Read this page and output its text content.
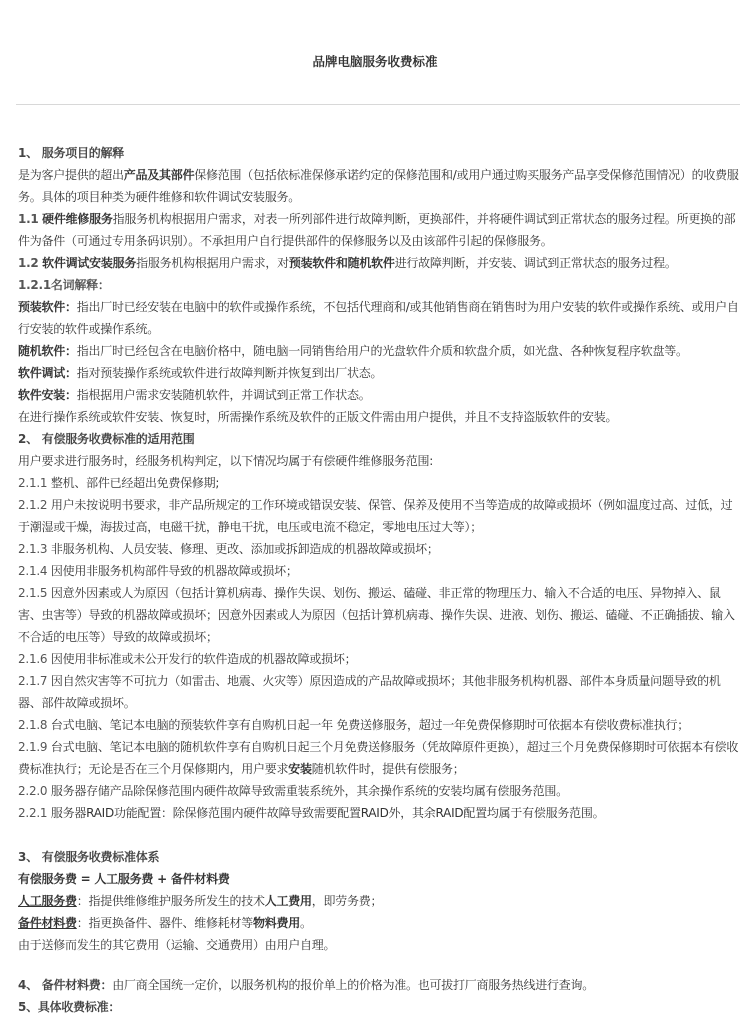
品牌电脑服务收费标准

1、 服务项目的解释

是为客户提供的超出产品及其部件保修范围（包括依标准保修承诺约定的保修范围和/或用户通过购买服务产品享受保修范围情况）的收费服务。具体的项目种类为硬件维修和软件调试安装服务。

1.1 硬件维修服务指服务机构根据用户需求，对表一所列部件进行故障判断，更换部件，并将硬件调试到正常状态的服务过程。所更换的部件为备件（可通过专用条码识别）。不承担用户自行提供部件的保修服务以及由该部件引起的保修服务。

1.2 软件调试安装服务指服务机构根据用户需求，对预装软件和随机软件进行故障判断，并安装、调试到正常状态的服务过程。

1.2.1名词解释：

预装软件：指出厂时已经安装在电脑中的软件或操作系统，不包括代理商和/或其他销售商在销售时为用户安装的软件或操作系统、或用户自行安装的软件或操作系统。

随机软件：指出厂时已经包含在电脑价格中，随电脑一同销售给用户的光盘软件介质和软盘介质，如光盘、各种恢复程序软盘等。

软件调试：指对预装操作系统或软件进行故障判断并恢复到出厂状态。

软件安装：指根据用户需求安装随机软件，并调试到正常工作状态。

在进行操作系统或软件安装、恢复时，所需操作系统及软件的正版文件需由用户提供，并且不支持盗版软件的安装。

2、 有偿服务收费标准的适用范围

用户要求进行服务时，经服务机构判定，以下情况均属于有偿硬件维修服务范围:

2.1.1 整机、部件已经超出免费保修期;

2.1.2 用户未按说明书要求，非产品所规定的工作环境或错误安装、保管、保养及使用不当等造成的故障或损坏（例如温度过高、过低，过于潮湿或干燥，海拔过高，电磁干扰，静电干扰，电压或电流不稳定，零地电压过大等）；

2.1.3 非服务机构、人员安装、修理、更改、添加或拆卸造成的机器故障或损坏；

2.1.4 因使用非服务机构部件导致的机器故障或损坏；

2.1.5 因意外因素或人为原因（包括计算机病毒、操作失误、划伤、搬运、磕碰、非正常的物理压力、输入不合适的电压、异物掉入、鼠害、虫害等）导致的机器故障或损坏；因意外因素或人为原因（包括计算机病毒、操作失误、进液、划伤、搬运、磕碰、不正确插拔、输入不合适的电压等）导致的故障或损坏；

2.1.6 因使用非标准或未公开发行的软件造成的机器故障或损坏；

2.1.7 因自然灾害等不可抗力（如雷击、地震、火灾等）原因造成的产品故障或损坏；其他非服务机构机器、部件本身质量问题导致的机器、部件故障或损坏。

2.1.8 台式电脑、笔记本电脑的预装软件享有自购机日起一年 免费送修服务，超过一年免费保修期时可依据本有偿收费标准执行；

2.1.9 台式电脑、笔记本电脑的随机软件享有自购机日起三个月免费送修服务（凭故障原件更换），超过三个月免费保修期时可依据本有偿收费标准执行；无论是否在三个月保修期内，用户要求安装随机软件时，提供有偿服务；

2.2.0 服务器存储产品除保修范围内硬件故障导致需重装系统外，其余操作系统的安装均属有偿服务范围。

2.2.1 服务器RAID功能配置：除保修范围内硬件故障导致需要配置RAID外，其余RAID配置均属于有偿服务范围。

3、 有偿服务收费标准体系

有偿服务费 = 人工服务费 + 备件材料费

人工服务费：指提供维修维护服务所发生的技术人工费用，即劳务费；

备件材料费：指更换备件、器件、维修耗材等物料费用。

由于送修而发生的其它费用（运输、交通费用）由用户自理。

4、 备件材料费：由厂商全国统一定价，以服务机构的报价单上的价格为准。也可拔打厂商服务热线进行查询。

5、具体收费标准：
